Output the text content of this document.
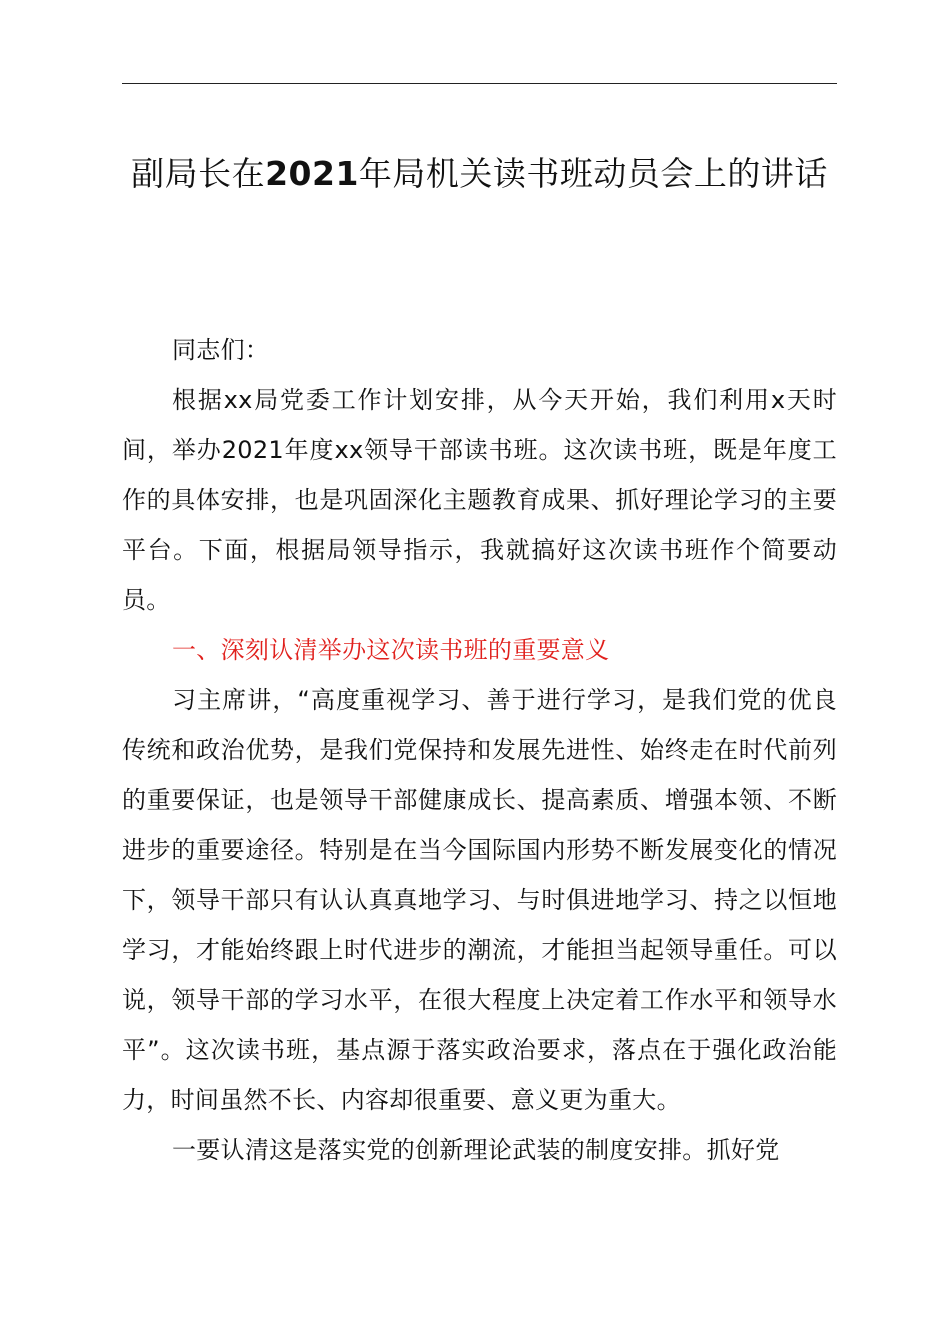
副局长在2021年局机关读书班动员会上的讲话

同志们：

根据xx局党委工作计划安排，从今天开始，我们利用x天时间，举办2021年度xx领导干部读书班。这次读书班，既是年度工作的具体安排，也是巩固深化主题教育成果、抓好理论学习的主要平台。下面，根据局领导指示，我就搞好这次读书班作个简要动员。

一、深刻认清举办这次读书班的重要意义

习主席讲，“高度重视学习、善于进行学习，是我们党的优良传统和政治优势，是我们党保持和发展先进性、始终走在时代前列的重要保证，也是领导干部健康成长、提高素质、增强本领、不断进步的重要途径。特别是在当今国际国内形势不断发展变化的情况下，领导干部只有认认真真地学习、与时俱进地学习、持之以恒地学习，才能始终跟上时代进步的潮流，才能担当起领导重任。可以说，领导干部的学习水平，在很大程度上决定着工作水平和领导水平”。这次读书班，基点源于落实政治要求，落点在于强化政治能力，时间虽然不长、内容却很重要、意义更为重大。

一要认清这是落实党的创新理论武装的制度安排。抓好党
